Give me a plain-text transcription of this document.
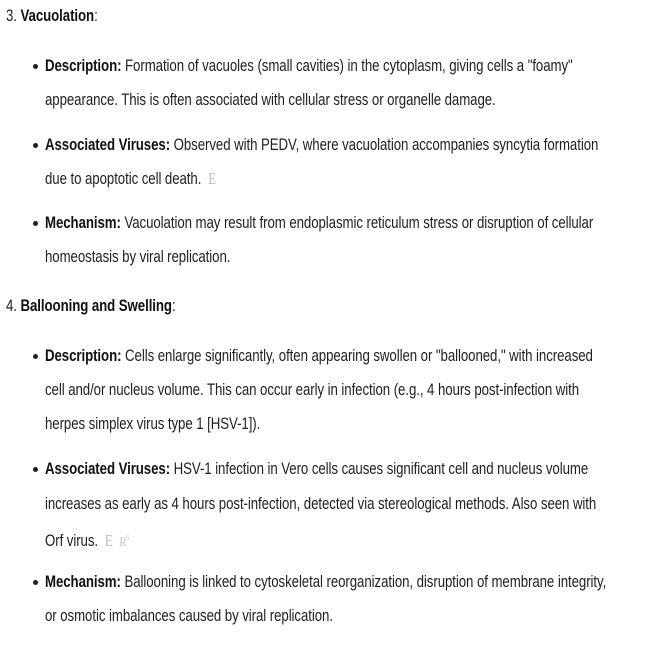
3. Vacuolation:
Description: Formation of vacuoles (small cavities) in the cytoplasm, giving cells a "foamy"
appearance. This is often associated with cellular stress or organelle damage.
Associated Viruses: Observed with PEDV, where vacuolation accompanies syncytia formation
due to apoptotic cell death. E
Mechanism: Vacuolation may result from endoplasmic reticulum stress or disruption of cellular
homeostasis by viral replication.
4. Ballooning and Swelling:
Description: Cells enlarge significantly, often appearing swollen or "ballooned," with increased
cell and/or nucleus volume. This can occur early in infection (e.g., 4 hours post-infection with
herpes simplex virus type 1 [HSV-1]).
Associated Viruses: HSV-1 infection in Vero cells causes significant cell and nucleus volume
increases as early as 4 hours post-infection, detected via stereological methods. Also seen with
Orf virus. E $R^6$
Mechanism: Ballooning is linked to cytoskeletal reorganization, disruption of membrane integrity,
or osmotic imbalances caused by viral replication.
